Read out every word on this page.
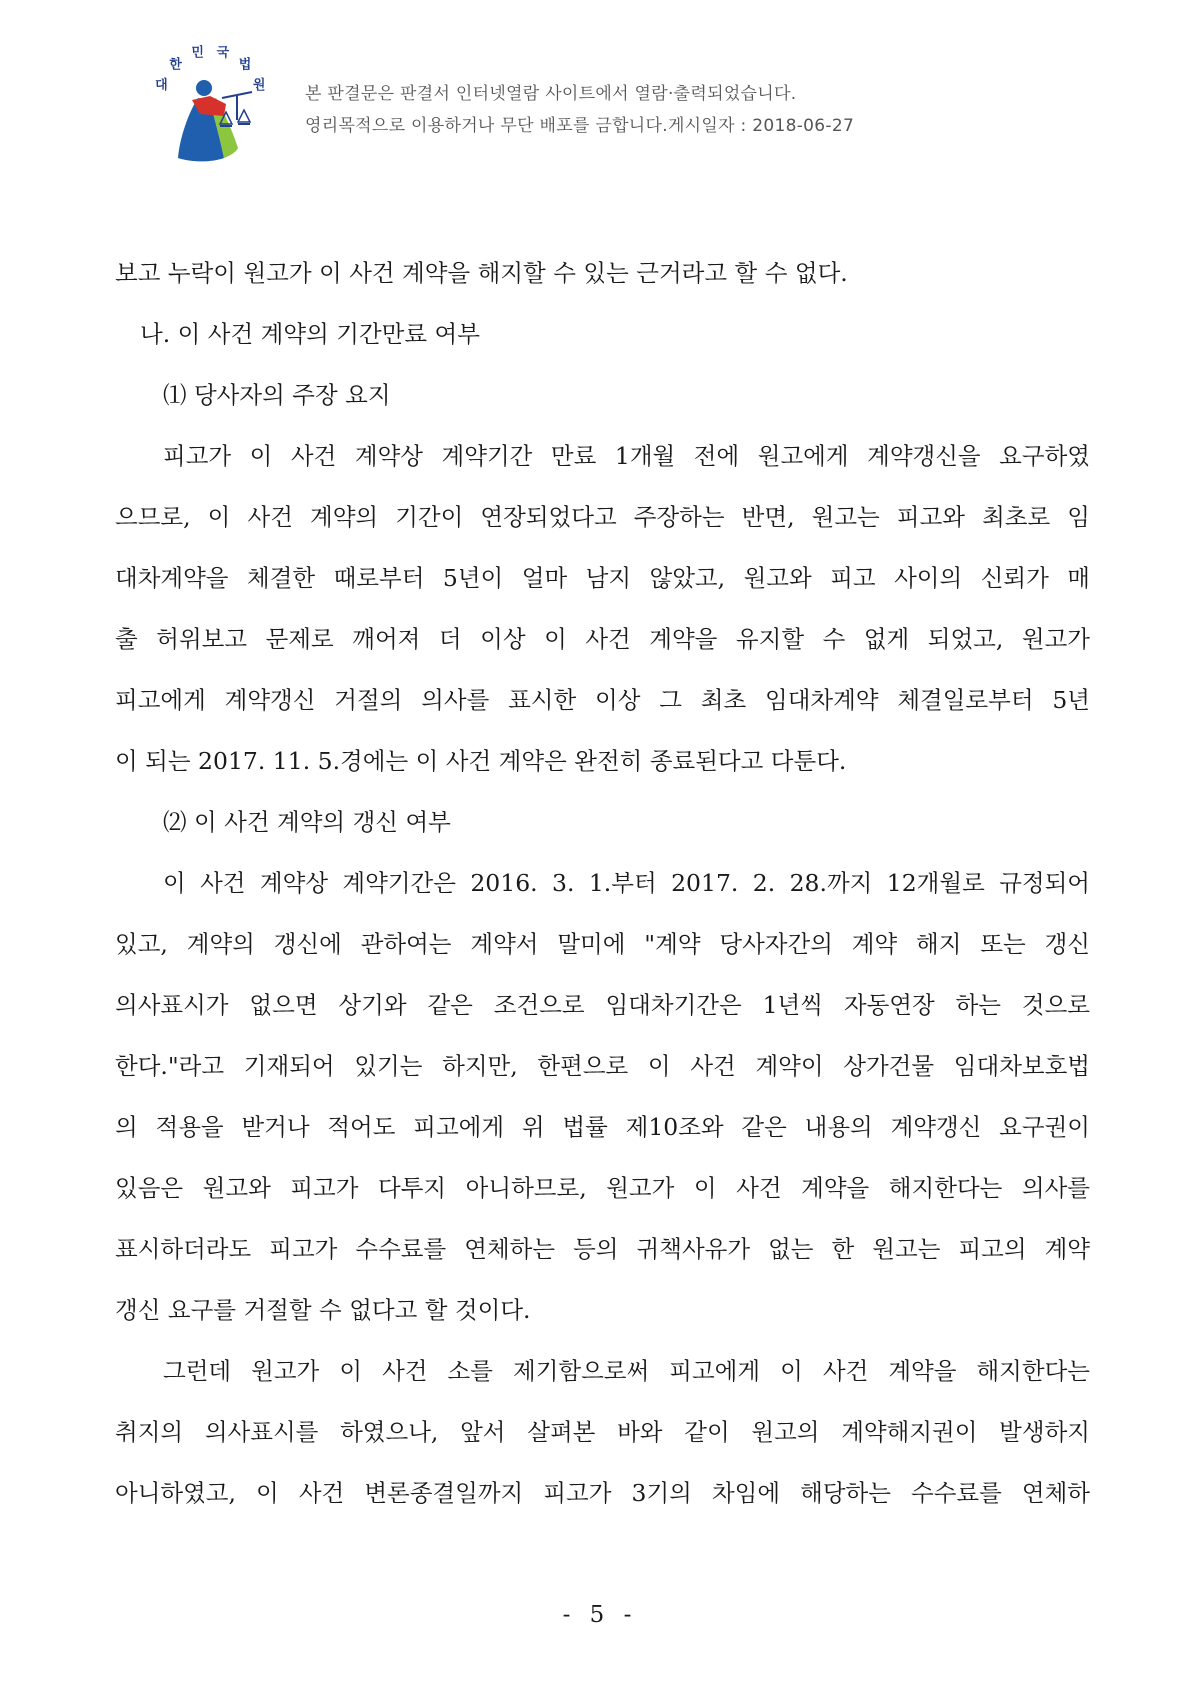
대한민 국법원 본 판결문은 판결서 인터넷열람 사이트에서 열람·출력되었습니다.
영리목적으로 이용하거나 무단 배포를 금합니다.게시일자 : 2018-06-27
보고 누락이 원고가 이 사건 계약을 해지할 수 있는 근거라고 할 수 없다.
나. 이 사건 계약의 기간만료 여부
⑴ 당사자의 주장 요지
피고가 이 사건 계약상 계약기간 만료 1개월 전에 원고에게 계약갱신을 요구하였
으므로, 이 사건 계약의 기간이 연장되었다고 주장하는 반면, 원고는 피고와 최초로 임
대차계약을 체결한 때로부터 5년이 얼마 남지 않았고, 원고와 피고 사이의 신뢰가 매
출 허위보고 문제로 깨어져 더 이상 이 사건 계약을 유지할 수 없게 되었고, 원고가
피고에게 계약갱신 거절의 의사를 표시한 이상 그 최초 임대차계약 체결일로부터 5년
이 되는 2017. 11. 5.경에는 이 사건 계약은 완전히 종료된다고 다툰다.
⑵ 이 사건 계약의 갱신 여부
이 사건 계약상 계약기간은 2016. 3. 1.부터 2017. 2. 28.까지 12개월로 규정되어
있고, 계약의 갱신에 관하여는 계약서 말미에 "계약 당사자간의 계약 해지 또는 갱신
의사표시가 없으면 상기와 같은 조건으로 임대차기간은 1년씩 자동연장 하는 것으로
한다."라고 기재되어 있기는 하지만, 한편으로 이 사건 계약이 상가건물 임대차보호법
의 적용을 받거나 적어도 피고에게 위 법률 제10조와 같은 내용의 계약갱신 요구권이
있음은 원고와 피고가 다투지 아니하므로, 원고가 이 사건 계약을 해지한다는 의사를
표시하더라도 피고가 수수료를 연체하는 등의 귀책사유가 없는 한 원고는 피고의 계약
갱신 요구를 거절할 수 없다고 할 것이다.
그런데 원고가 이 사건 소를 제기함으로써 피고에게 이 사건 계약을 해지한다는
취지의 의사표시를 하였으나, 앞서 살펴본 바와 같이 원고의 계약해지권이 발생하지
아니하였고, 이 사건 변론종결일까지 피고가 3기의 차임에 해당하는 수수료를 연체하
- 5 -
